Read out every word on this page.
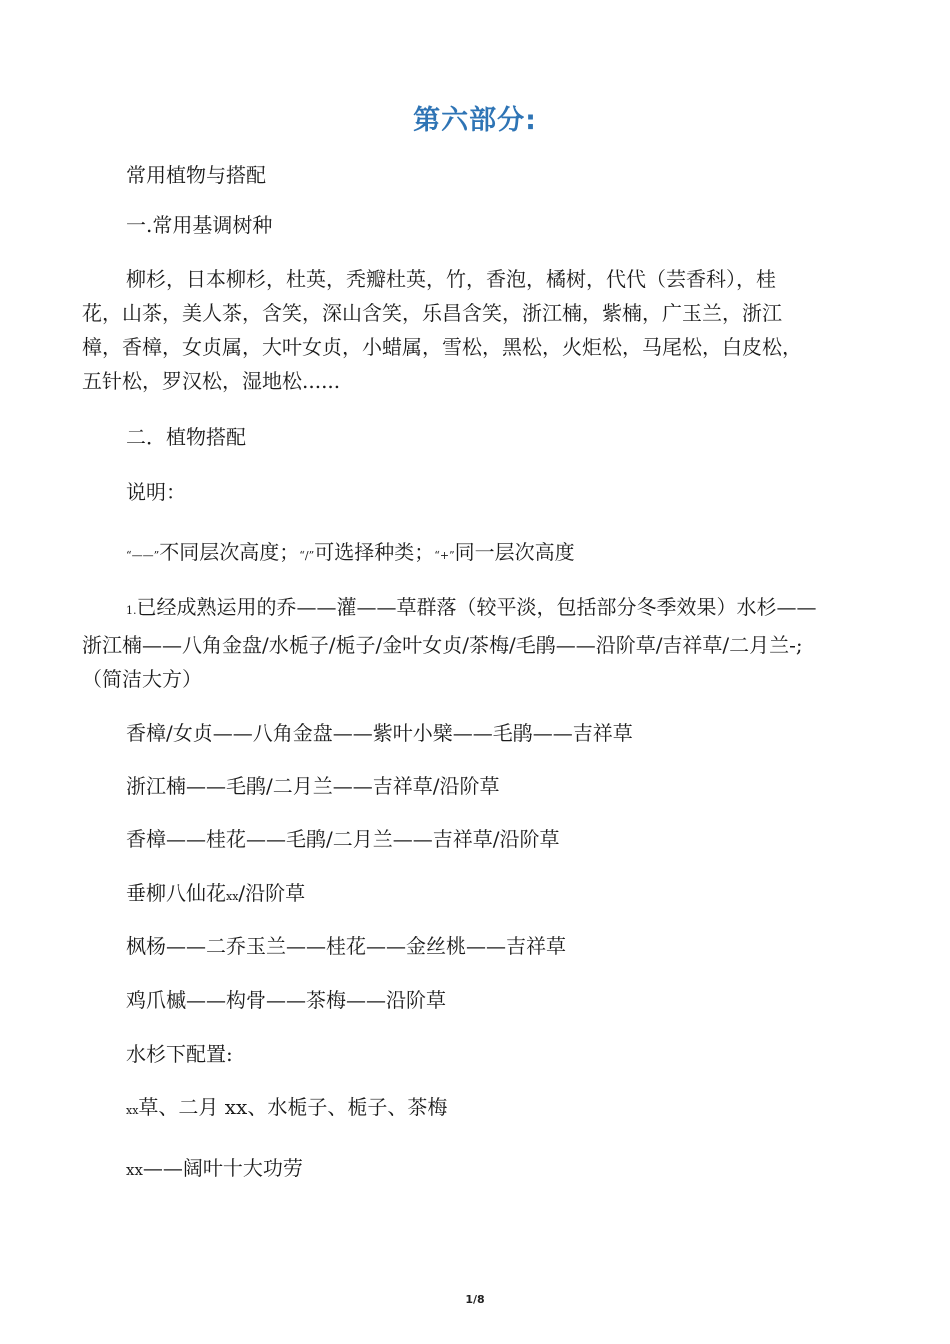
第六部分:
常用植物与搭配
一.常用基调树种
柳杉，日本柳杉，杜英，秃瓣杜英，竹，香泡，橘树，代代（芸香科），桂
花，山茶，美人茶，含笑，深山含笑，乐昌含笑，浙江楠，紫楠，广玉兰，浙江
樟，香樟，女贞属，大叶女贞，小蜡属，雪松，黑松，火炬松，马尾松，白皮松，
五针松，罗汉松，湿地松......
二．植物搭配
说明：
“——”不同层次高度；“/”可选择种类；“+”同一层次高度
1.已经成熟运用的乔——灌——草群落（较平淡，包括部分冬季效果）水杉——
浙江楠——八角金盘/水栀子/栀子/金叶女贞/茶梅/毛鹃——沿阶草/吉祥草/二月兰-;
（简洁大方）
香樟/女贞——八角金盘——紫叶小檗——毛鹃——吉祥草
浙江楠——毛鹃/二月兰——吉祥草/沿阶草
香樟——桂花——毛鹃/二月兰——吉祥草/沿阶草
垂柳八仙花xx/沿阶草
枫杨——二乔玉兰——桂花——金丝桃——吉祥草
鸡爪槭——构骨——茶梅——沿阶草
水杉下配置:
xx草、二月 xx、水栀子、栀子、茶梅
xx——阔叶十大功劳
1/8
